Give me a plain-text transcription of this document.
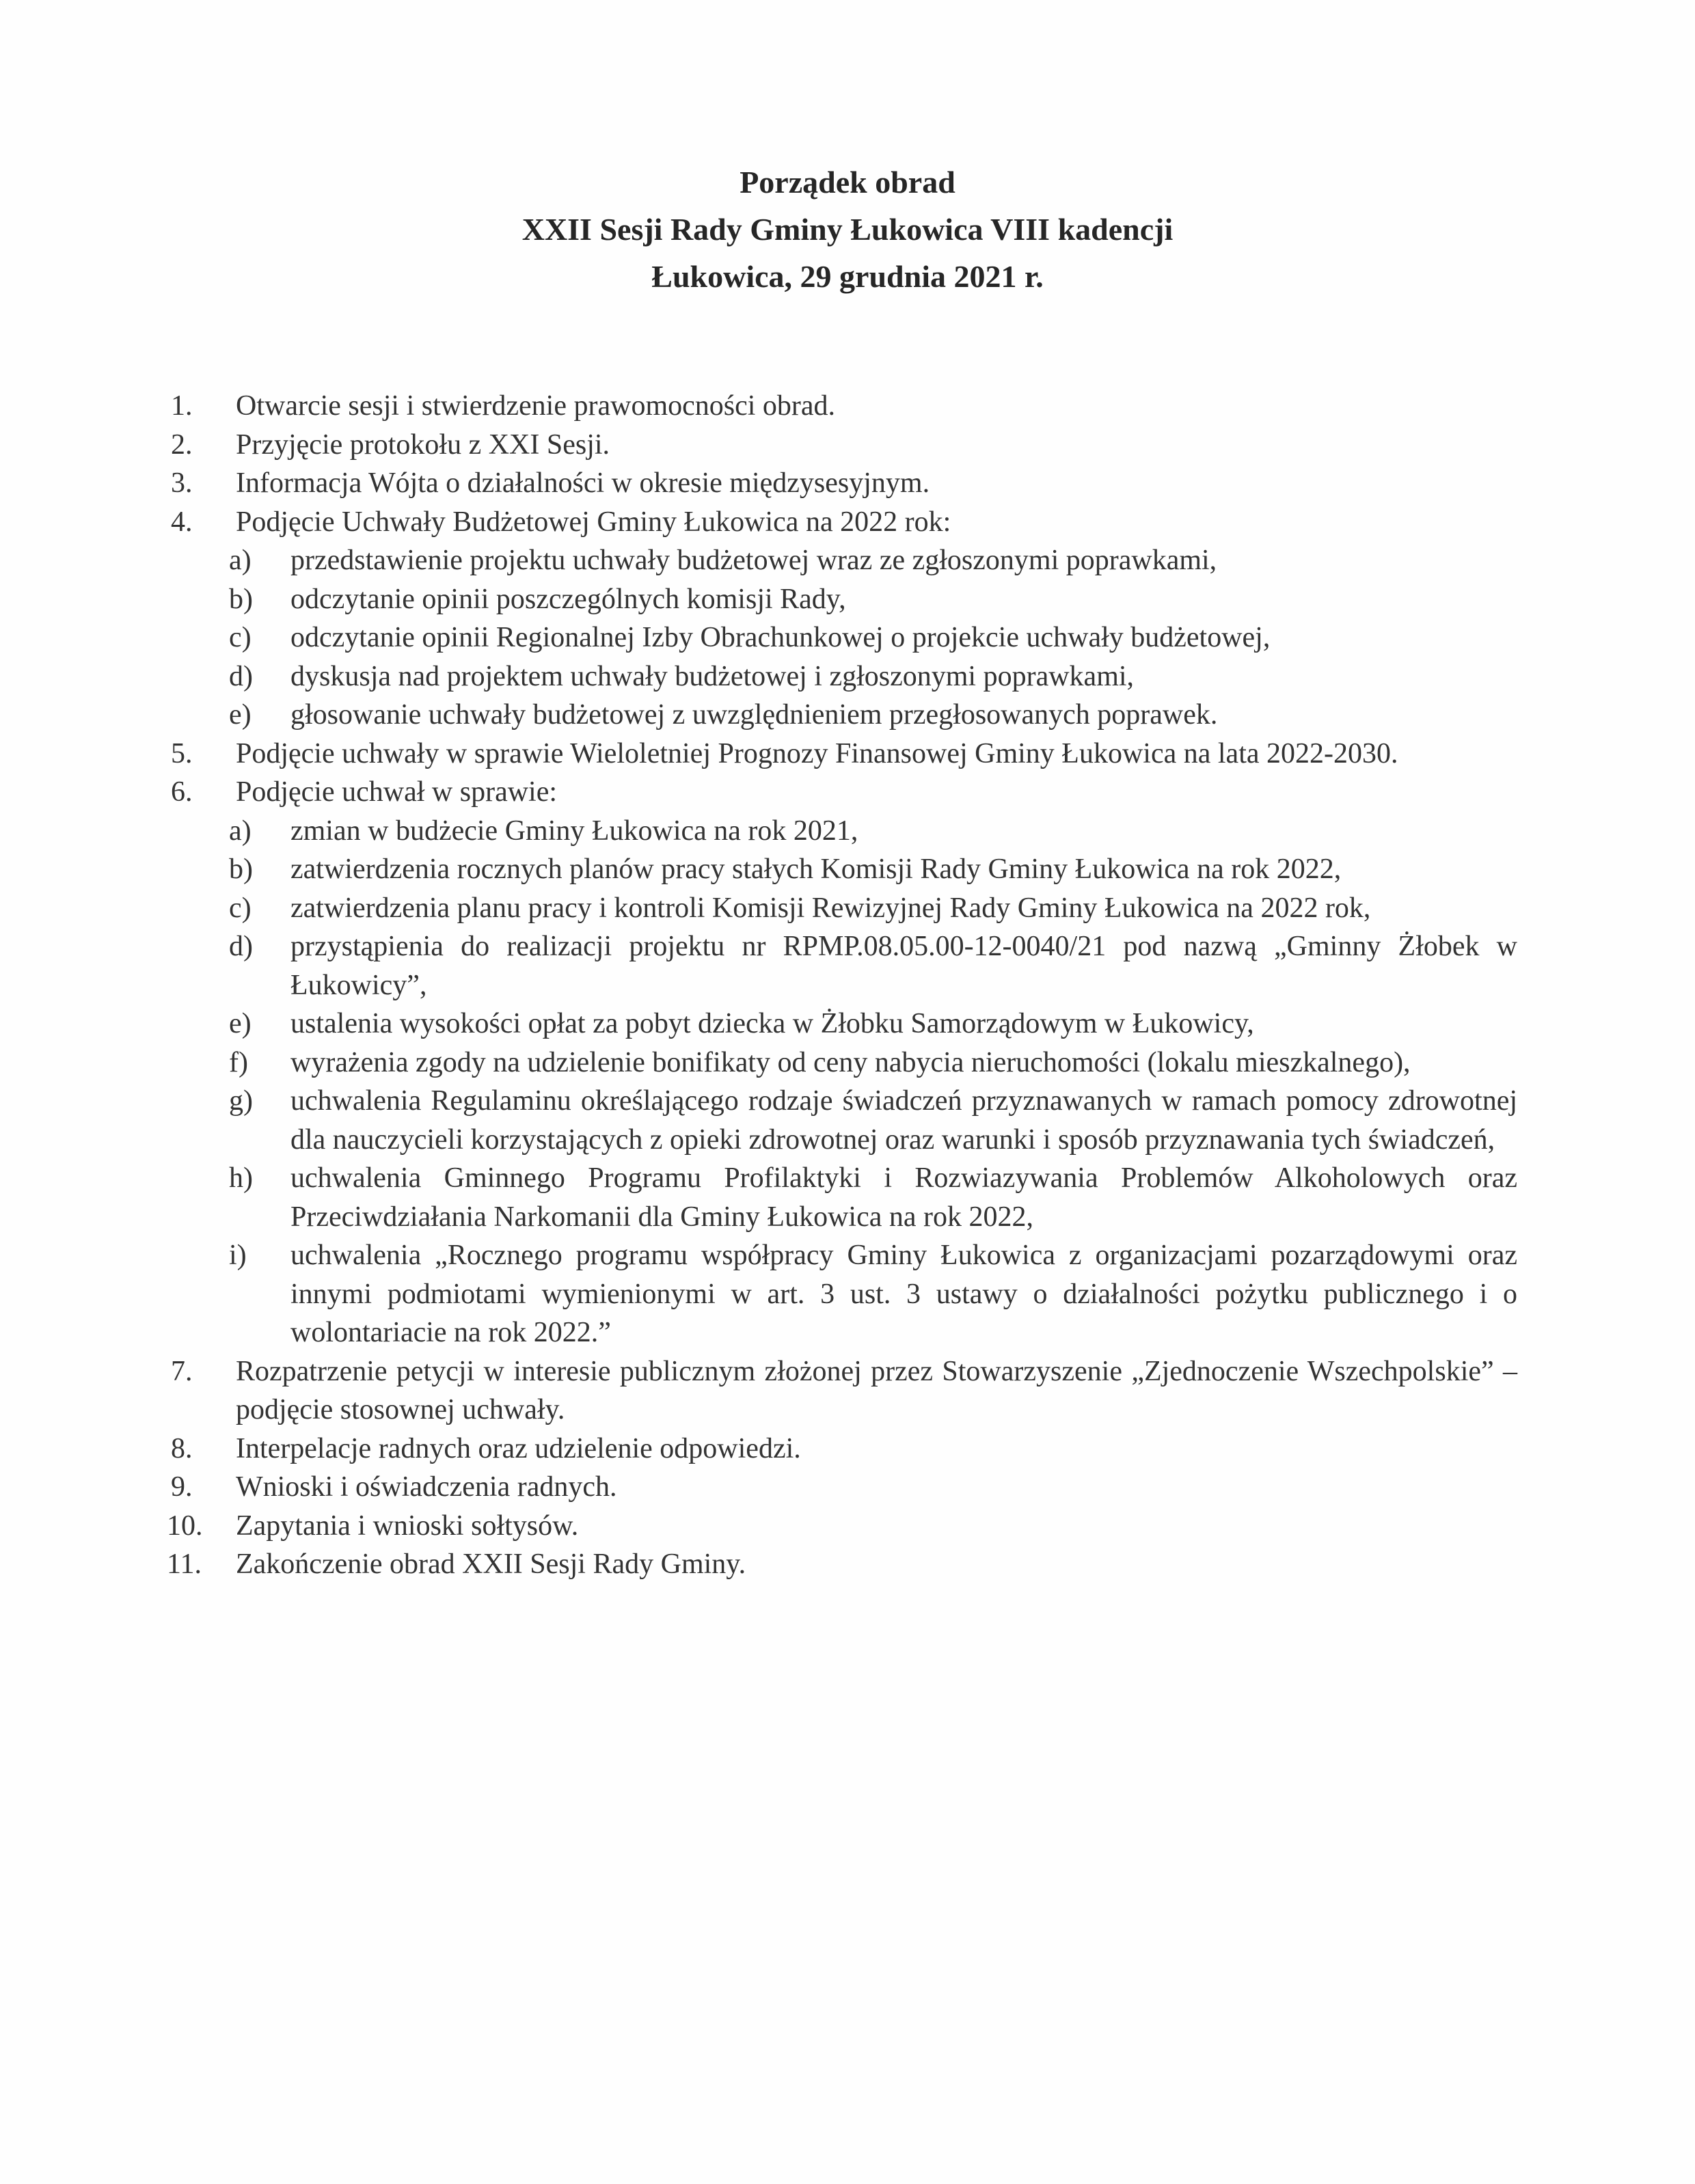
Porządek obrad
XXII Sesji Rady Gminy Łukowica VIII kadencji
Łukowica, 29 grudnia 2021 r.
1. Otwarcie sesji i stwierdzenie prawomocności obrad.
2. Przyjęcie protokołu z XXI Sesji.
3. Informacja Wójta o działalności w okresie międzysesyjnym.
4. Podjęcie Uchwały Budżetowej Gminy Łukowica na 2022 rok:
a) przedstawienie projektu uchwały budżetowej wraz ze zgłoszonymi poprawkami,
b) odczytanie opinii poszczególnych komisji Rady,
c) odczytanie opinii Regionalnej Izby Obrachunkowej o projekcie uchwały budżetowej,
d) dyskusja nad projektem uchwały budżetowej i zgłoszonymi poprawkami,
e) głosowanie uchwały budżetowej z uwzględnieniem przegłosowanych poprawek.
5. Podjęcie uchwały w sprawie Wieloletniej Prognozy Finansowej Gminy Łukowica na lata 2022-2030.
6. Podjęcie uchwał w sprawie:
a) zmian w budżecie Gminy Łukowica na rok 2021,
b) zatwierdzenia rocznych planów pracy stałych Komisji Rady Gminy Łukowica na rok 2022,
c) zatwierdzenia planu pracy i kontroli Komisji Rewizyjnej Rady Gminy Łukowica na 2022 rok,
d) przystąpienia do realizacji projektu nr RPMP.08.05.00-12-0040/21 pod nazwą „Gminny Żłobek w Łukowicy”,
e) ustalenia wysokości opłat za pobyt dziecka w Żłobku Samorządowym w Łukowicy,
f) wyrażenia zgody na udzielenie bonifikaty od ceny nabycia nieruchomości (lokalu mieszkalnego),
g) uchwalenia Regulaminu określającego rodzaje świadczeń przyznawanych w ramach pomocy zdrowotnej dla nauczycieli korzystających z opieki zdrowotnej oraz warunki i sposób przyznawania tych świadczeń,
h) uchwalenia Gminnego Programu Profilaktyki i Rozwiazywania Problemów Alkoholowych oraz Przeciwdziałania Narkomanii dla Gminy Łukowica na rok 2022,
i) uchwalenia „Rocznego programu współpracy Gminy Łukowica z organizacjami pozarządowymi oraz innymi podmiotami wymienionymi w art. 3 ust. 3 ustawy o działalności pożytku publicznego i o wolontariacie na rok 2022.”
7. Rozpatrzenie petycji w interesie publicznym złożonej przez Stowarzyszenie „Zjednoczenie Wszechpolskie” – podjęcie stosownej uchwały.
8. Interpelacje radnych oraz udzielenie odpowiedzi.
9. Wnioski i oświadczenia radnych.
10. Zapytania i wnioski sołtysów.
11. Zakończenie obrad XXII Sesji Rady Gminy.
